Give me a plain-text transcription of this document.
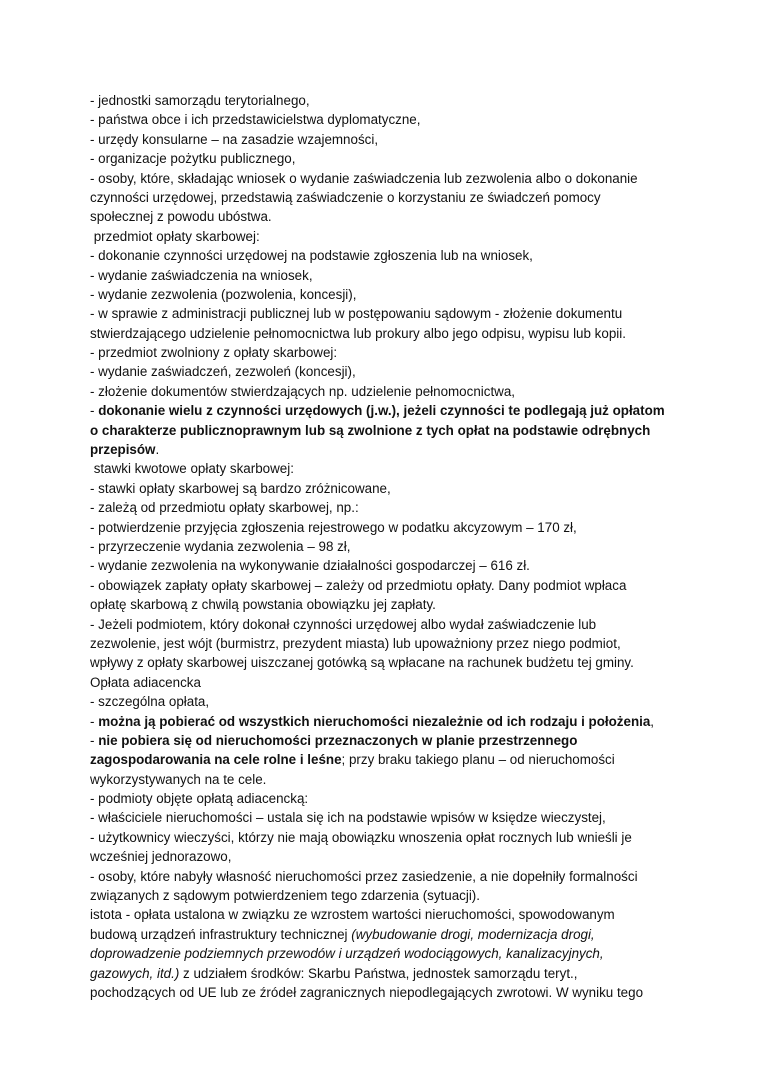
- jednostki samorządu terytorialnego,
- państwa obce i ich przedstawicielstwa dyplomatyczne,
- urzędy konsularne – na zasadzie wzajemności,
- organizacje pożytku publicznego,
- osoby, które, składając wniosek o wydanie zaświadczenia lub zezwolenia albo o dokonanie
czynności urzędowej, przedstawią zaświadczenie o korzystaniu ze świadczeń pomocy
społecznej z powodu ubóstwa.
przedmiot opłaty skarbowej:
- dokonanie czynności urzędowej na podstawie zgłoszenia lub na wniosek,
- wydanie zaświadczenia na wniosek,
- wydanie zezwolenia (pozwolenia, koncesji),
- w sprawie z administracji publicznej lub w postępowaniu sądowym - złożenie dokumentu
stwierdzającego udzielenie pełnomocnictwa lub prokury albo jego odpisu, wypisu lub kopii.
- przedmiot zwolniony z opłaty skarbowej:
- wydanie zaświadczeń, zezwoleń (koncesji),
- złożenie dokumentów stwierdzających np. udzielenie pełnomocnictwa,
- dokonanie wielu z czynności urzędowych (j.w.), jeżeli czynności te podlegają już opłatom
o charakterze publicznoprawnym lub są zwolnione z tych opłat na podstawie odrębnych
przepisów.
stawki kwotowe opłaty skarbowej:
- stawki opłaty skarbowej są bardzo zróżnicowane,
- zależą od przedmiotu opłaty skarbowej, np.:
- potwierdzenie przyjęcia zgłoszenia rejestrowego w podatku akcyzowym – 170 zł,
- przyrzeczenie wydania zezwolenia – 98 zł,
- wydanie zezwolenia na wykonywanie działalności gospodarczej – 616 zł.
- obowiązek zapłaty opłaty skarbowej – zależy od przedmiotu opłaty. Dany podmiot wpłaca
opłatę skarbową z chwilą powstania obowiązku jej zapłaty.
- Jeżeli podmiotem, który dokonał czynności urzędowej albo wydał zaświadczenie lub
zezwolenie, jest wójt (burmistrz, prezydent miasta) lub upoważniony przez niego podmiot,
wpływy z opłaty skarbowej uiszczanej gotówką są wpłacane na rachunek budżetu tej gminy.
Opłata adiacencka
- szczególna opłata,
- można ją pobierać od wszystkich nieruchomości niezależnie od ich rodzaju i położenia,
- nie pobiera się od nieruchomości przeznaczonych w planie przestrzennego
zagospodarowania na cele rolne i leśne; przy braku takiego planu – od nieruchomości
wykorzystywanych na te cele.
- podmioty objęte opłatą adiacencką:
- właściciele nieruchomości – ustala się ich na podstawie wpisów w księdze wieczystej,
- użytkownicy wieczyści, którzy nie mają obowiązku wnoszenia opłat rocznych lub wnieśli je
wcześniej jednorazowo,
- osoby, które nabyły własność nieruchomości przez zasiedzenie, a nie dopełniły formalności
związanych z sądowym potwierdzeniem tego zdarzenia (sytuacji).
istota - opłata ustalona w związku ze wzrostem wartości nieruchomości, spowodowanym
budową urządzeń infrastruktury technicznej (wybudowanie drogi, modernizacja drogi,
doprowadzenie podziemnych przewodów i urządzeń wodociągowych, kanalizacyjnych,
gazowych, itd.) z udziałem środków: Skarbu Państwa, jednostek samorządu teryt.,
pochodzących od UE lub ze źródeł zagranicznych niepodlegających zwrotowi. W wyniku tego
